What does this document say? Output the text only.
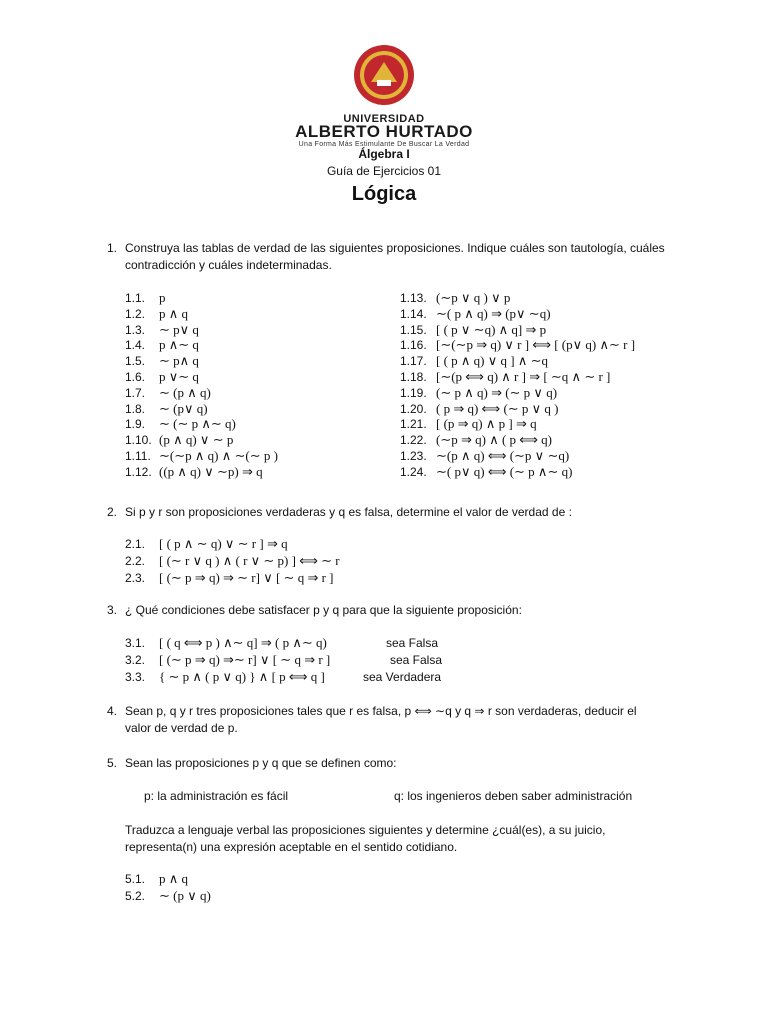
UNIVERSIDAD
ALBERTO HURTADO
Una Forma Más Estimulante De Buscar La Verdad
Álgebra I
Guía de Ejercicios 01
Lógica
1. Construya las tablas de verdad de las siguientes proposiciones. Indique cuáles son tautología, cuáles contradicción y cuáles indeterminadas.
1.1. p
1.2. p ∧ q
1.3. ∼ p∨ q
1.4. p ∧∼ q
1.5. ∼ p∧ q
1.6. p ∨∼ q
1.7. ∼ (p ∧ q)
1.8. ∼ (p∨ q)
1.9. ∼ (∼ p ∧∼ q)
1.10. (p ∧ q) ∨ ∼ p
1.11. ∼(∼p ∧ q) ∧ ∼(∼ p )
1.12. ((p ∧ q) ∨ ∼p) ⇒ q
1.13. (∼p ∨ q ) ∨ p
1.14. ∼( p ∧ q) ⇒ (p∨ ∼q)
1.15. [ ( p ∨ ∼q) ∧ q] ⇒ p
1.16. [∼(∼p ⇒ q) ∨ r ] ⟺ [ (p∨ q) ∧∼ r ]
1.17. [ ( p ∧ q) ∨ q ] ∧ ∼q
1.18. [∼(p ⟺ q) ∧ r ] ⇒ [ ∼q ∧ ∼ r ]
1.19. (∼ p ∧ q) ⇒ (∼ p ∨ q)
1.20. ( p ⇒ q) ⟺ (∼ p ∨ q )
1.21. [ (p ⇒ q) ∧ p ] ⇒ q
1.22. (∼p ⇒ q) ∧ ( p ⟺ q)
1.23. ∼(p ∧ q) ⟺ (∼p ∨ ∼q)
1.24. ∼( p∨ q) ⟺ (∼ p ∧∼ q)
2. Si p y r son proposiciones verdaderas y q es falsa, determine el valor de verdad de :
2.1. [ ( p ∧ ∼ q) ∨ ∼ r ] ⇒ q
2.2. [ (∼ r ∨ q ) ∧ ( r ∨ ∼ p) ] ⟺ ∼ r
2.3. [ (∼ p ⇒ q) ⇒ ∼ r] ∨ [ ∼ q ⇒ r ]
3. ¿ Qué condiciones debe satisfacer p y q para que la siguiente proposición:
3.1. [ ( q ⟺ p ) ∧∼ q] ⇒ ( p ∧∼ q)	sea Falsa
3.2. [ (∼ p ⇒ q) ⇒∼ r] ∨ [ ∼ q ⇒ r ]	sea Falsa
3.3. { ∼ p ∧ ( p ∨ q) } ∧ [ p ⟺ q ]	sea Verdadera
4. Sean p, q y r tres proposiciones tales que r es falsa, p ⟺ ∼q y q ⇒ r son verdaderas, deducir el
valor de verdad de p.
5. Sean las proposiciones p y q que se definen como:
p: la administración es fácil	q: los ingenieros deben saber administración
Traduzca a lenguaje verbal las proposiciones siguientes y determine ¿cuál(es), a su juicio, representa(n) una expresión aceptable en el sentido cotidiano.
5.1. p ∧ q
5.2. ∼ (p ∨ q)
